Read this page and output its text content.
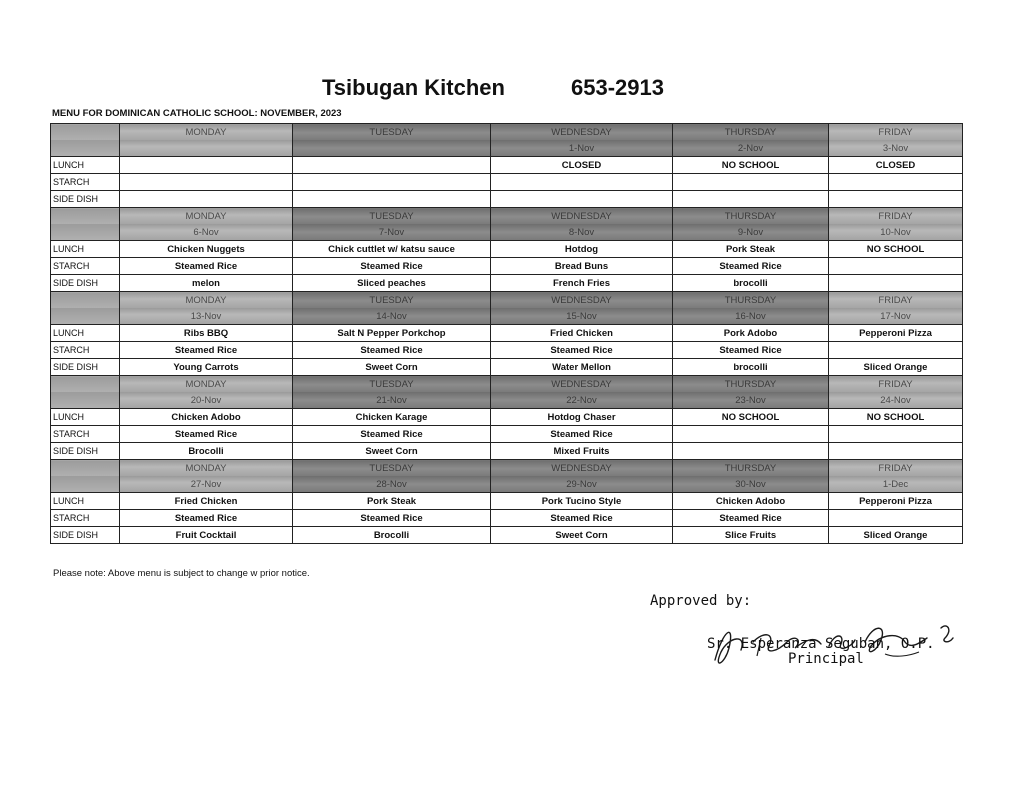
Tsibugan Kitchen	653-2913
MENU FOR DOMINICAN CATHOLIC SCHOOL: NOVEMBER, 2023
	MONDAY	TUESDAY	WEDNESDAY	THURSDAY	FRIDAY
			1-Nov	2-Nov	3-Nov
LUNCH			CLOSED	NO SCHOOL	CLOSED
STARCH					
SIDE DISH					
	MONDAY	TUESDAY	WEDNESDAY	THURSDAY	FRIDAY
	6-Nov	7-Nov	8-Nov	9-Nov	10-Nov
LUNCH	Chicken Nuggets	Chick cuttlet w/ katsu sauce	Hotdog	Pork Steak	NO SCHOOL
STARCH	Steamed Rice	Steamed Rice	Bread Buns	Steamed Rice	
SIDE DISH	melon	Sliced peaches	French Fries	brocolli	
	MONDAY	TUESDAY	WEDNESDAY	THURSDAY	FRIDAY
	13-Nov	14-Nov	15-Nov	16-Nov	17-Nov
LUNCH	Ribs BBQ	Salt N Pepper Porkchop	Fried Chicken	Pork Adobo	Pepperoni Pizza
STARCH	Steamed Rice	Steamed Rice	Steamed Rice	Steamed Rice	
SIDE DISH	Young Carrots	Sweet Corn	Water Mellon	brocolli	Sliced Orange
	MONDAY	TUESDAY	WEDNESDAY	THURSDAY	FRIDAY
	20-Nov	21-Nov	22-Nov	23-Nov	24-Nov
LUNCH	Chicken Adobo	Chicken Karage	Hotdog Chaser	NO SCHOOL	NO SCHOOL
STARCH	Steamed Rice	Steamed Rice	Steamed Rice		
SIDE DISH	Brocolli	Sweet Corn	Mixed Fruits		
	MONDAY	TUESDAY	WEDNESDAY	THURSDAY	FRIDAY
	27-Nov	28-Nov	29-Nov	30-Nov	1-Dec
LUNCH	Fried Chicken	Pork Steak	Pork Tucino Style	Chicken Adobo	Pepperoni Pizza
STARCH	Steamed Rice	Steamed Rice	Steamed Rice	Steamed Rice	
SIDE DISH	Fruit Cocktail	Brocolli	Sweet Corn	Slice Fruits	Sliced Orange
Please note: Above menu is subject to change w prior notice.
Approved by:
Sr. Esperanza Seguban, O.P.
Principal
